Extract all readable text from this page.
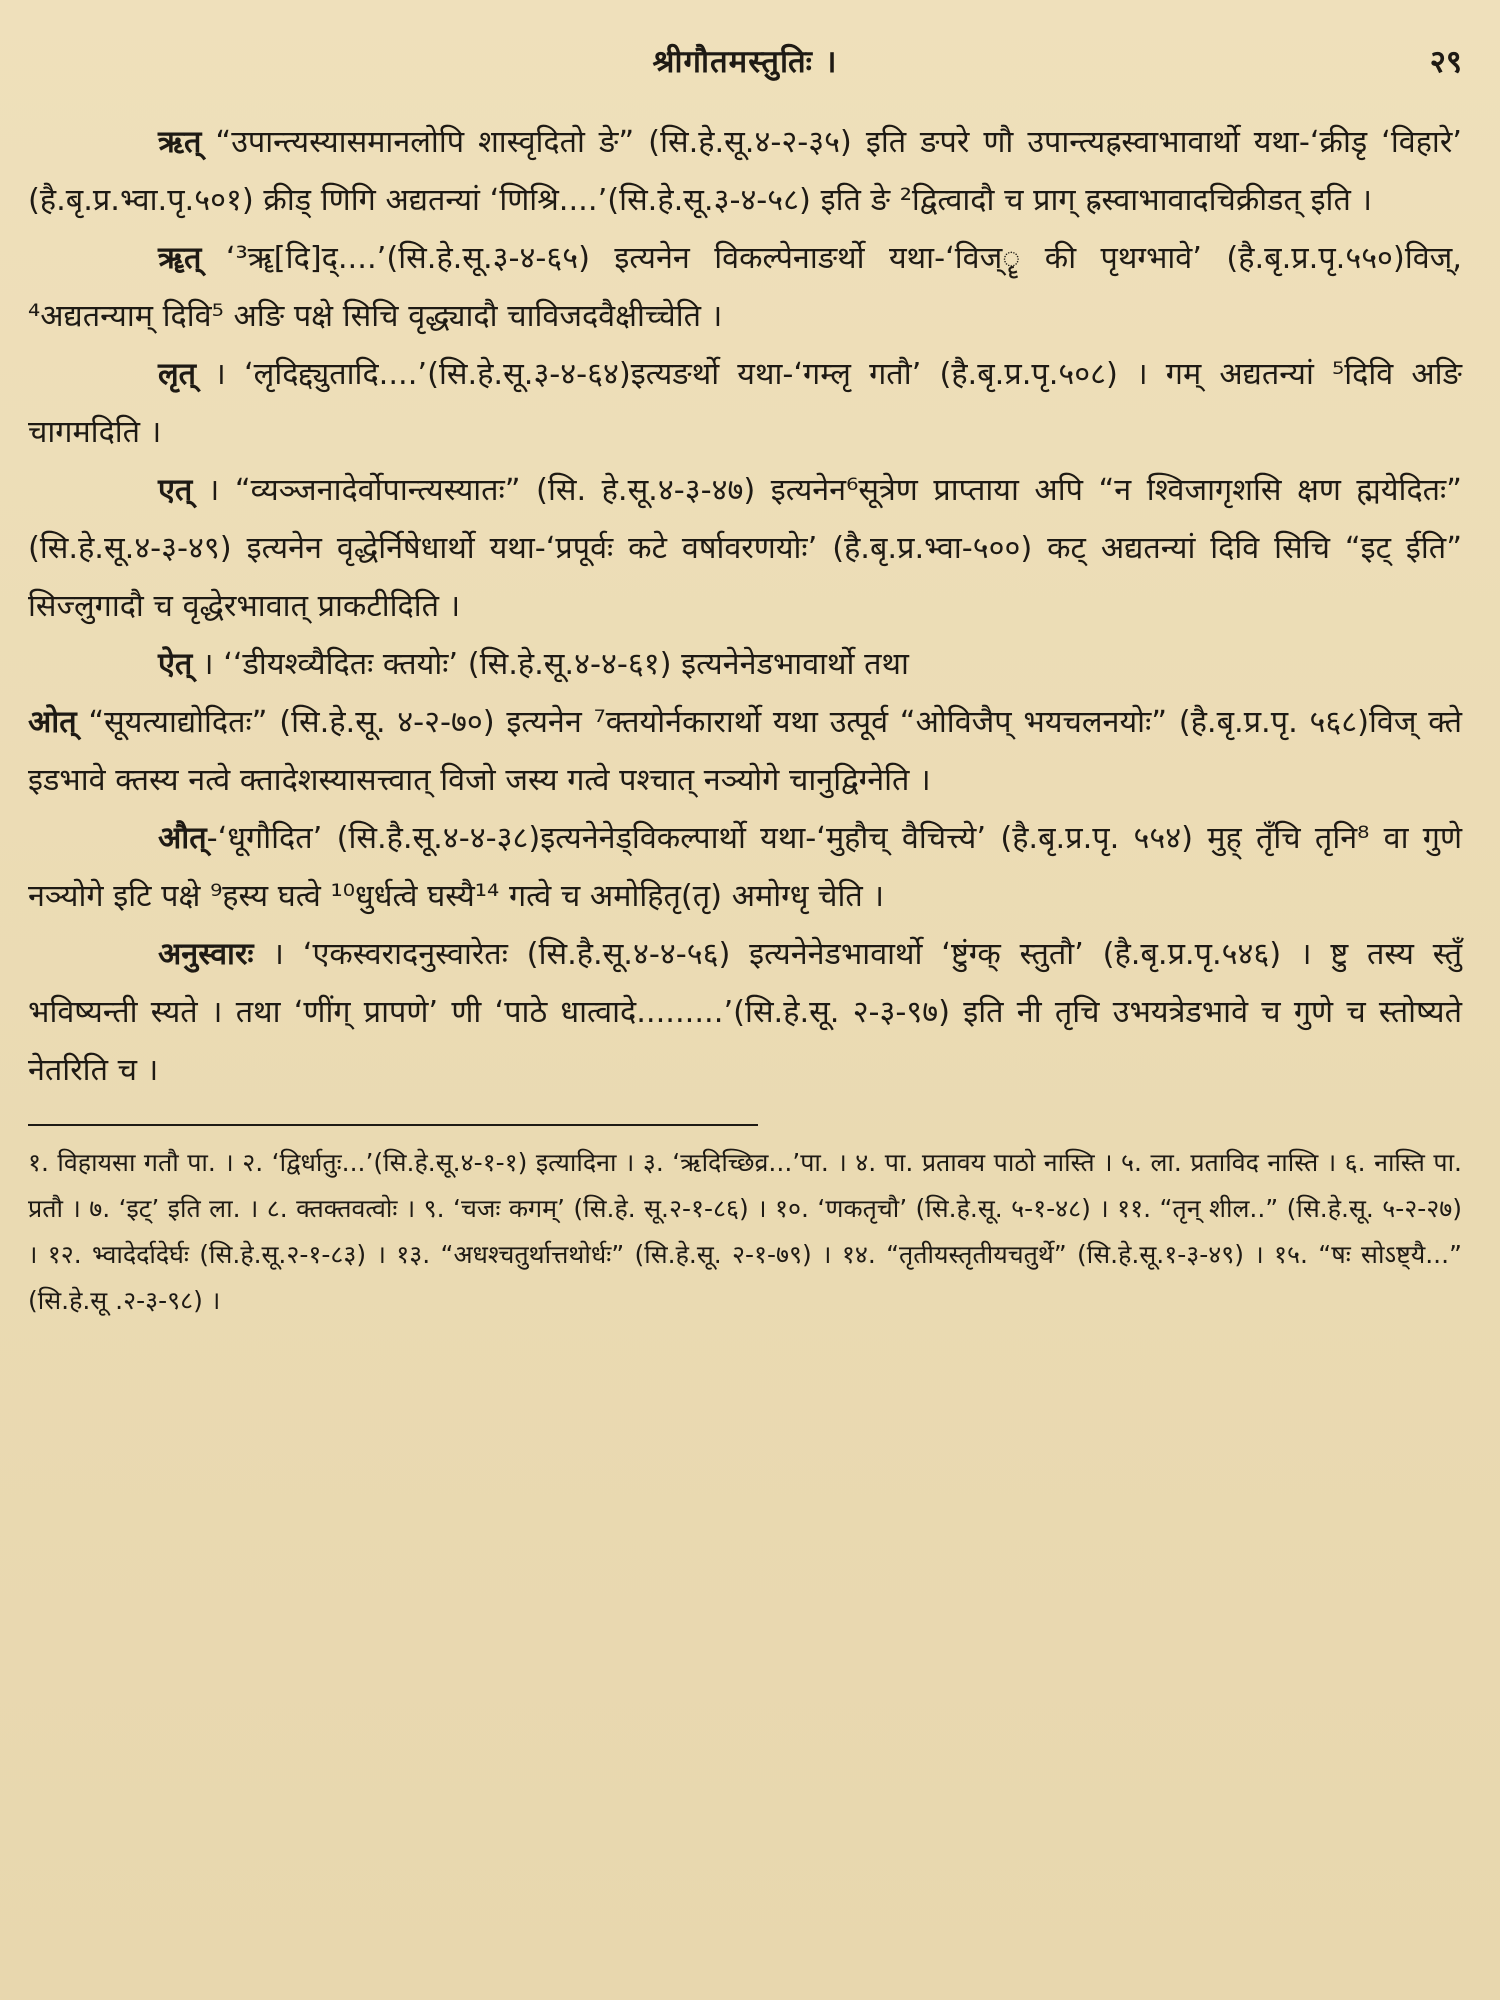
श्रीगौतमस्तुतिः ।	२९

ऋत् “उपान्त्यस्यासमानलोपि शास्वृदितो ङे” (सि.हे.सू.४-२-३५) इति ङपरे णौ उपान्त्यह्रस्वाभावार्थो यथा-‘क्रीडृ ‘विहारे’ (है.बृ.प्र.भ्वा.पृ.५०१) क्रीड् णिगि अद्यतन्यां ‘णिश्रि....’(सि.हे.सू.३-४-५८) इति ङे ²द्वित्वादौ च प्राग् ह्रस्वाभावादचिक्रीडत् इति ।

ॠत् ‘³ॠ[दि]द्....’(सि.हे.सू.३-४-६५) इत्यनेन विकल्पेनाङर्थो यथा-‘विज्ॄ की पृथग्भावे’ (है.बृ.प्र.पृ.५५०)विज्, ⁴अद्यतन्याम् दिवि⁵ अङि पक्षे सिचि वृद्ध्यादौ चाविजदवैक्षीच्चेति ।

लृत् । ‘लृदिद्द्युतादि....’(सि.हे.सू.३-४-६४)इत्यङर्थो यथा-‘गम्लृ गतौ’ (है.बृ.प्र.पृ.५०८) । गम् अद्यतन्यां ⁵दिवि अङि चागमदिति ।

एत् । “व्यञ्जनादेर्वोपान्त्यस्यातः” (सि. हे.सू.४-३-४७) इत्यनेन⁶सूत्रेण प्राप्ताया अपि “न श्विजागृशसि क्षण ह्मयेदितः” (सि.हे.सू.४-३-४९) इत्यनेन वृद्धेर्निषेधार्थो यथा-‘प्रपूर्वः कटे वर्षावरणयोः’ (है.बृ.प्र.भ्वा-५००) कट् अद्यतन्यां दिवि सिचि “इट् ईति” सिज्लुगादौ च वृद्धेरभावात् प्राकटीदिति ।

ऐत् । ‘‘डीयश्व्यैदितः क्तयोः’ (सि.हे.सू.४-४-६१) इत्यनेनेडभावार्थो तथा

ओत् “सूयत्याद्योदितः” (सि.हे.सू. ४-२-७०) इत्यनेन ⁷क्तयोर्नकारार्थो यथा उत्पूर्व “ओविजैप् भयचलनयोः” (है.बृ.प्र.पृ. ५६८)विज् क्ते इडभावे क्तस्य नत्वे क्तादेशस्यासत्त्वात् विजो जस्य गत्वे पश्चात् नञ्योगे चानुद्विग्नेति ।

औत्-‘धूगौदित’ (सि.है.सू.४-४-३८)इत्यनेनेड्विकल्पार्थो यथा-‘मुहौच् वैचित्त्ये’ (है.बृ.प्र.पृ. ५५४) मुह् तृँचि तृनि⁸ वा गुणे नञ्योगे इटि पक्षे ⁹हस्य घत्वे ¹⁰धुर्धत्वे घस्यै¹⁴ गत्वे च अमोहितृ(तृ) अमोग्धृ चेति ।

अनुस्वारः । ‘एकस्वरादनुस्वारेतः (सि.है.सू.४-४-५६) इत्यनेनेडभावार्थो ‘ष्टुंग्क् स्तुतौ’ (है.बृ.प्र.पृ.५४६) । ष्टु तस्य स्तुँ भविष्यन्ती स्यते । तथा ‘णींग् प्रापणे’ णी ‘पाठे धात्वादे.........’(सि.हे.सू. २-३-९७) इति नी तृचि उभयत्रेडभावे च गुणे च स्तोष्यते नेतरिति च ।

१. विहायसा गतौ पा. । २. ‘द्विर्धातुः...’(सि.हे.सू.४-१-१) इत्यादिना । ३. ‘ऋदिच्छिव्र...’पा. । ४. पा. प्रतावय पाठो नास्ति । ५. ला. प्रताविद नास्ति । ६. नास्ति पा. प्रतौ । ७. ‘इट्’ इति ला. । ८. क्तक्तवत्वोः । ९. ‘चजः कगम्’ (सि.हे. सू.२-१-८६) । १०. ‘णकतृचौ’ (सि.हे.सू. ५-१-४८) । ११. “तृन् शील..” (सि.हे.सू. ५-२-२७) । १२. भ्वादेर्दादेर्घः (सि.हे.सू.२-१-८३) । १३. “अधश्चतुर्थात्तथोर्धः” (सि.हे.सू. २-१-७९) । १४. “तृतीयस्तृतीयचतुर्थे” (सि.हे.सू.१-३-४९) । १५. “षः सोऽष्ट्यै...” (सि.हे.सू .२-३-९८) ।
